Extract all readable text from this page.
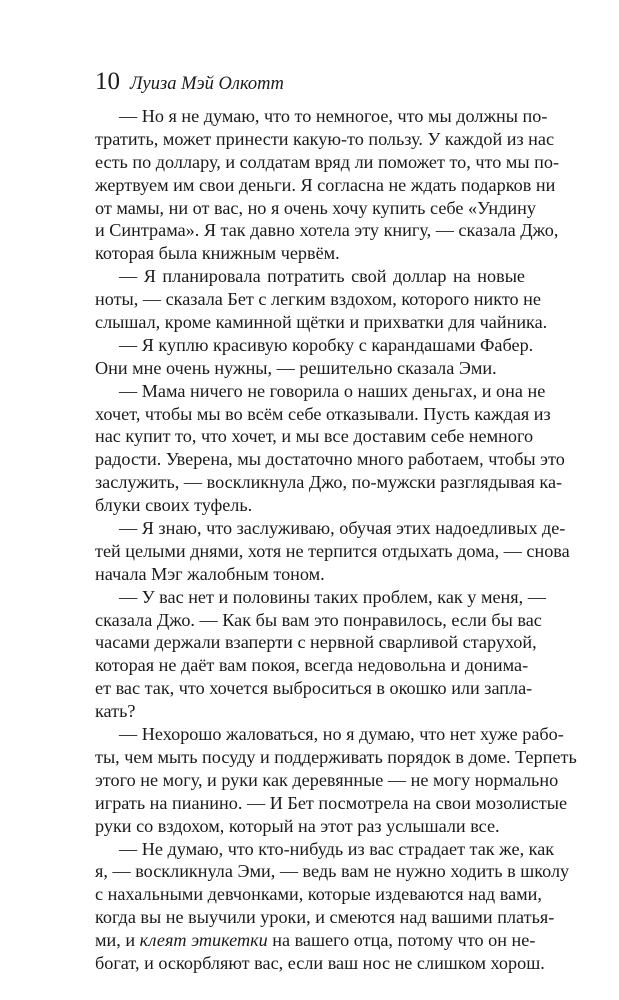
10 Луиза Мэй Олкотт
— Но я не думаю, что то немногое, что мы должны по-
тратить, может принести какую-то пользу. У каждой из нас
есть по доллару, и солдатам вряд ли поможет то, что мы по-
жертвуем им свои деньги. Я согласна не ждать подарков ни
от мамы, ни от вас, но я очень хочу купить себе «Ундину
и Синтрама». Я так давно хотела эту книгу, — сказала Джо,
которая была книжным червём.
— Я планировала потратить свой доллар на новые
ноты, — сказала Бет с легким вздохом, которого никто не
слышал, кроме каминной щётки и прихватки для чайника.
— Я куплю красивую коробку с карандашами Фабер.
Они мне очень нужны, — решительно сказала Эми.
— Мама ничего не говорила о наших деньгах, и она не
хочет, чтобы мы во всём себе отказывали. Пусть каждая из
нас купит то, что хочет, и мы все доставим себе немного
радости. Уверена, мы достаточно много работаем, чтобы это
заслужить, — воскликнула Джо, по-мужски разглядывая ка-
блуки своих туфель.
— Я знаю, что заслуживаю, обучая этих надоедливых де-
тей целыми днями, хотя не терпится отдыхать дома, — снова
начала Мэг жалобным тоном.
— У вас нет и половины таких проблем, как у меня, —
сказала Джо. — Как бы вам это понравилось, если бы вас
часами держали взаперти с нервной сварливой старухой,
которая не даёт вам покоя, всегда недовольна и донима-
ет вас так, что хочется выброситься в окошко или запла-
кать?
— Нехорошо жаловаться, но я думаю, что нет хуже рабо-
ты, чем мыть посуду и поддерживать порядок в доме. Терпеть
этого не могу, и руки как деревянные — не могу нормально
играть на пианино. — И Бет посмотрела на свои мозолистые
руки со вздохом, который на этот раз услышали все.
— Не думаю, что кто-нибудь из вас страдает так же, как
я, — воскликнула Эми, — ведь вам не нужно ходить в школу
с нахальными девчонками, которые издеваются над вами,
когда вы не выучили уроки, и смеются над вашими платья-
ми, и клеят этикетки на вашего отца, потому что он не-
богат, и оскорбляют вас, если ваш нос не слишком хорош.
